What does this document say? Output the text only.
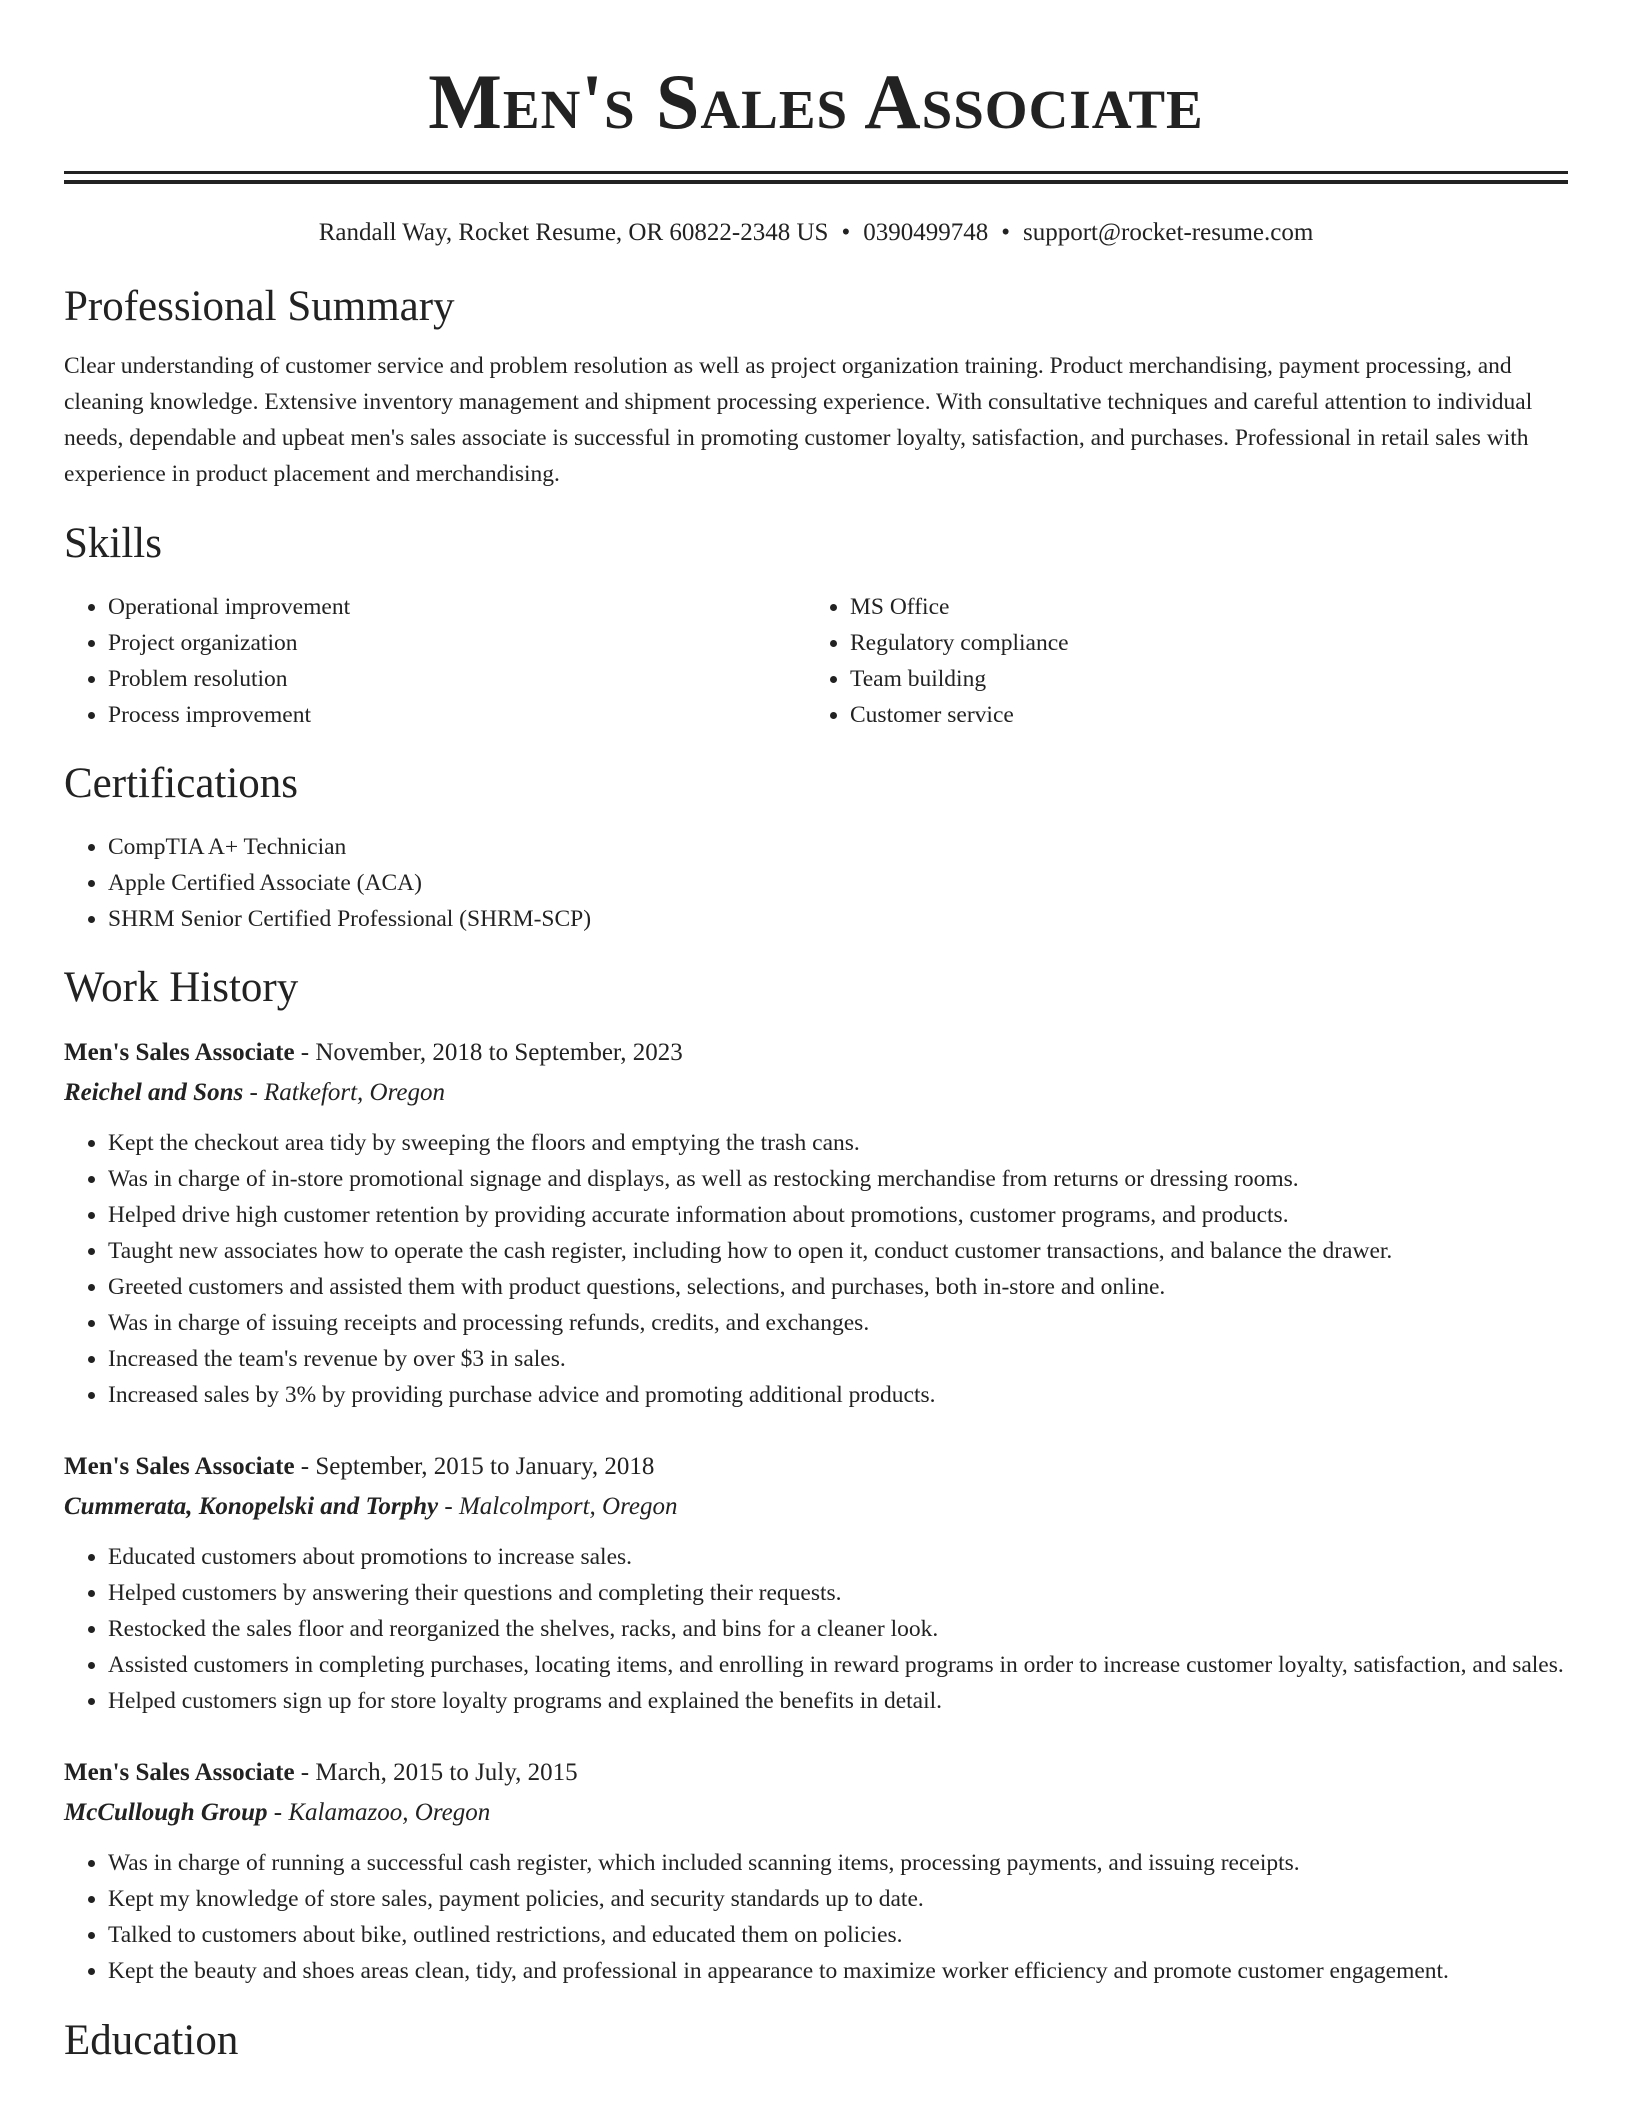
Men's Sales Associate
Randall Way, Rocket Resume, OR 60822-2348 US • 0390499748 • support@rocket-resume.com
Professional Summary

Clear understanding of customer service and problem resolution as well as project organization training. Product merchandising, payment processing, and cleaning knowledge. Extensive inventory management and shipment processing experience. With consultative techniques and careful attention to individual needs, dependable and upbeat men's sales associate is successful in promoting customer loyalty, satisfaction, and purchases. Professional in retail sales with experience in product placement and merchandising.

Skills
• Operational improvement
• Project organization
• Problem resolution
• Process improvement
• MS Office
• Regulatory compliance
• Team building
• Customer service
Certifications
• CompTIA A+ Technician
• Apple Certified Associate (ACA)
• SHRM Senior Certified Professional (SHRM-SCP)
Work History
Men's Sales Associate - November, 2018 to September, 2023
Reichel and Sons - Ratkefort, Oregon
• Kept the checkout area tidy by sweeping the floors and emptying the trash cans.
• Was in charge of in-store promotional signage and displays, as well as restocking merchandise from returns or dressing rooms.
• Helped drive high customer retention by providing accurate information about promotions, customer programs, and products.
• Taught new associates how to operate the cash register, including how to open it, conduct customer transactions, and balance the drawer.
• Greeted customers and assisted them with product questions, selections, and purchases, both in-store and online.
• Was in charge of issuing receipts and processing refunds, credits, and exchanges.
• Increased the team's revenue by over $3 in sales.
• Increased sales by 3% by providing purchase advice and promoting additional products.
Men's Sales Associate - September, 2015 to January, 2018
Cummerata, Konopelski and Torphy - Malcolmport, Oregon
• Educated customers about promotions to increase sales.
• Helped customers by answering their questions and completing their requests.
• Restocked the sales floor and reorganized the shelves, racks, and bins for a cleaner look.
• Assisted customers in completing purchases, locating items, and enrolling in reward programs in order to increase customer loyalty, satisfaction, and sales.
• Helped customers sign up for store loyalty programs and explained the benefits in detail.
Men's Sales Associate - March, 2015 to July, 2015
McCullough Group - Kalamazoo, Oregon
• Was in charge of running a successful cash register, which included scanning items, processing payments, and issuing receipts.
• Kept my knowledge of store sales, payment policies, and security standards up to date.
• Talked to customers about bike, outlined restrictions, and educated them on policies.
• Kept the beauty and shoes areas clean, tidy, and professional in appearance to maximize worker efficiency and promote customer engagement.
Education
